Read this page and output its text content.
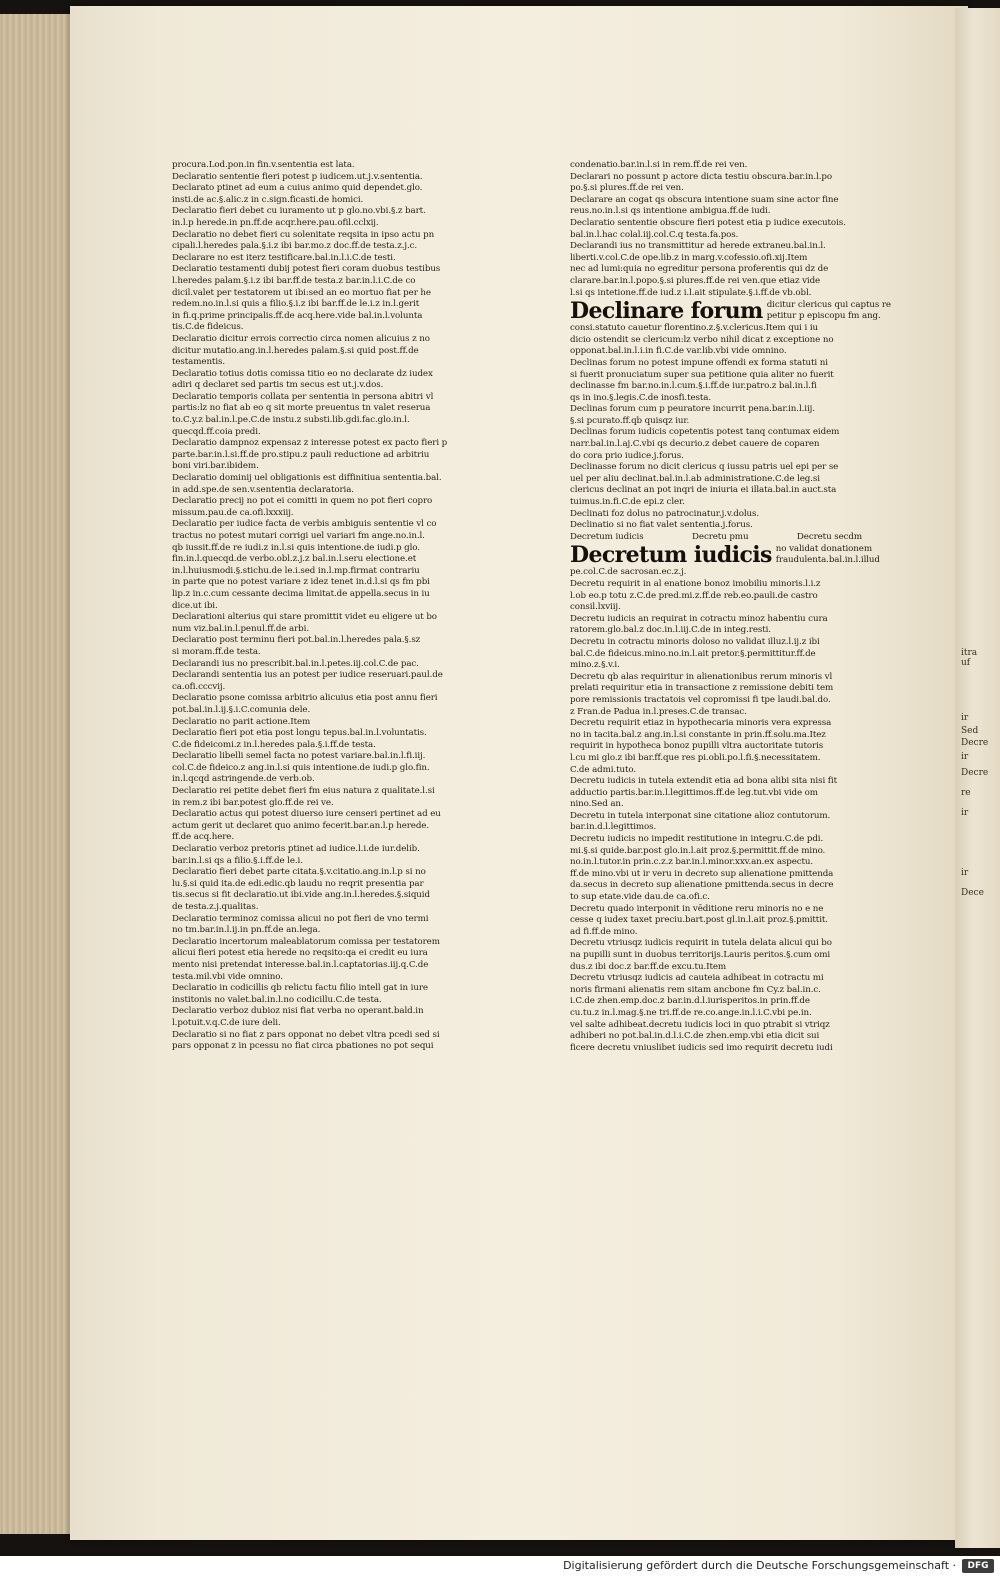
itra
uf
ir
Sed
Decre
ir
Decre
re
ir
ir
Dece
procura.Lod.pon.in fin.v.sententia est lata.
Declaratio sententie fieri potest p iudicem.ut.j.v.sententia.
Declarato ptinet ad eum a cuius animo quid dependet.glo.
insti.de ac.§.alic.z in c.sign.ficasti.de homici.
Declaratio fieri debet cu iuramento ut p glo.no.vbi.§.z bart.
in.l.p herede.in pn.ff.de acqr.here.pau.ofil.cclxij.
Declaratio no debet fieri cu solenitate reqsita in ipso actu pn
cipali.l.heredes pala.§.i.z ibi bar.mo.z doc.ff.de testa.z.j.c.
Declarare no est iterz testificare.bal.in.l.i.C.de testi.
Declaratio testamenti dubij potest fieri coram duobus testibus
l.heredes palam.§.i.z ibi bar.ff.de testa.z bar.in.l.i.C.de co
dicil.valet per testatorem ut ibi:sed an eo mortuo fiat per he
redem.no.in.l.si quis a filio.§.i.z ibi bar.ff.de le.i.z in.l.gerit
in fi.q.prime principalis.ff.de acq.here.vide bal.in.l.volunta
tis.C.de fideicus.
Declaratio dicitur errois correctio circa nomen alicuius z no
dicitur mutatio.ang.in.l.heredes palam.§.si quid post.ff.de
testamentis.
Declaratio totius dotis comissa titio eo no declarate dz iudex
adiri q declaret sed partis tm secus est ut.j.v.dos.
Declaratio temporis collata per sententia in persona abitri vl
partis:lz no fiat ab eo q sit morte preuentus tn valet reserua
to.C.y.z bal.in.l.pe.C.de instu.z substi.lib.gdi.fac.glo.in.l.
quecqd.ff.coia predi.
Declaratio dampnoz expensaz z interesse potest ex pacto fieri p
parte.bar.in.l.si.ff.de pro.stipu.z pauli reductione ad arbitriu
boni viri.bar.ibidem.
Declaratio dominij uel obligationis est diffinitiua sententia.bal.
in add.spe.de sen.v.sententia declaratoria.
Declaratio precij no pot ei comitti in quem no pot fieri copro
missum.pau.de ca.ofi.lxxxiij.
Declaratio per iudice facta de verbis ambiguis sententie vl co
tractus no potest mutari corrigi uel variari fm ange.no.in.l.
qb iussit.ff.de re iudi.z in.l.si quis intentione.de iudi.p glo.
fin.in.l.quecqd.de verbo.obl.z.j.z bal.in.l.seru electione.et
in.l.huiusmodi.§.stichu.de le.i.sed in.l.mp.firmat contrariu
in parte que no potest variare z idez tenet in.d.l.si qs fm pbi
lip.z in.c.cum cessante decima limitat.de appella.secus in iu
dice.ut ibi.
Declarationi alterius qui stare promittit videt eu eligere ut bo
num viz.bal.in.l.penul.ff.de arbi.
Declaratio post terminu fieri pot.bal.in.l.heredes pala.§.sz
si moram.ff.de testa.
Declarandi ius no prescribit.bal.in.l.petes.iij.col.C.de pac.
Declarandi sententia ius an potest per iudice reseruari.paul.de
ca.ofi.cccvij.
Declaratio psone comissa arbitrio alicuius etia post annu fieri
pot.bal.in.l.ij.§.i.C.comunia dele.
Declaratio no parit actione.Item
Declaratio fieri pot etia post longu tepus.bal.in.l.voluntatis.
C.de fideicomi.z in.l.heredes pala.§.i.ff.de testa.
Declaratio libelli semel facta no potest variare.bal.in.l.fi.iij.
col.C.de fideico.z ang.in.l.si quis intentione.de iudi.p glo.fin.
in.l.qcqd astringende.de verb.ob.
Declaratio rei petite debet fieri fm eius natura z qualitate.l.si
in rem.z ibi bar.potest glo.ff.de rei ve.
Declaratio actus qui potest diuerso iure censeri pertinet ad eu
actum gerit ut declaret quo animo fecerit.bar.an.l.p herede.
ff.de acq.here.
Declaratio verboz pretoris ptinet ad iudice.l.i.de iur.delib.
bar.in.l.si qs a filio.§.i.ff.de le.i.
Declaratio fieri debet parte citata.§.v.citatio.ang.in.l.p si no
lu.§.si quid ita.de edi.edic.qb laudu no reqrit presentia par
tis.secus si fit declaratio.ut ibi.vide ang.in.l.heredes.§.siquid
de testa.z.j.qualitas.
Declaratio terminoz comissa alicui no pot fieri de vno termi
no tm.bar.in.l.ij.in pn.ff.de an.lega.
Declaratio incertorum maleablatorum comissa per testatorem
alicui fieri potest etia herede no reqsito:qa ei credit eu iura
mento nisi pretendat interesse.bal.in.l.captatorias.iij.q.C.de
testa.mil.vbi vide omnino.
Declaratio in codicillis qb relictu factu filio intell gat in iure
institonis no valet.bal.in.l.no codicillu.C.de testa.
Declaratio verboz dubioz nisi fiat verba no operant.bald.in
l.potuit.v.q.C.de iure deli.
Declaratio si no fiat z pars opponat no debet vltra pcedi sed si
pars opponat z in pcessu no fiat circa pbationes no pot sequi
condenatio.bar.in.l.si in rem.ff.de rei ven.
Declarari no possunt p actore dicta testiu obscura.bar.in.l.po
po.§.si plures.ff.de rei ven.
Declarare an cogat qs obscura intentione suam sine actor fine
reus.no.in.l.si qs intentione ambigua.ff.de iudi.
Declaratio sententie obscure fieri potest etia p iudice executois.
bal.in.l.hac colal.iij.col.C.q testa.fa.pos.
Declarandi ius no transmittitur ad herede extraneu.bal.in.l.
liberti.v.col.C.de ope.lib.z in marg.v.cofessio.ofi.xij.Item
nec ad lumi:quia no egreditur persona proferentis qui dz de
clarare.bar.in.l.popo.§.si plures.ff.de rei ven.que etiaz vide
l.si qs intetione.ff.de iud.z i.l.ait stipulate.§.i.ff.de vb.obl.
Declinare forum dicitur clericus qui captus re
petitur p episcopu fm ang.
consi.statuto cauetur florentino.z.§.v.clericus.Item qui i iu
dicio ostendit se clericum:lz verbo nihil dicat z exceptione no
opponat.bal.in.l.i.in fi.C.de var.lib.vbi vide omnino.
Declinas forum no potest impune offendi ex forma statuti ni
si fuerit pronuciatum super sua petitione quia aliter no fuerit
declinasse fm bar.no.in.l.cum.§.i.ff.de iur.patro.z bal.in.l.fi
qs in ino.§.legis.C.de inosfi.testa.
Declinas forum cum p peuratore incurrit pena.bar.in.l.iij.
§.si pcurato.ff.qb quisqz iur.
Declinas forum iudicis copetentis potest tanq contumax eidem
narr.bal.in.l.aj.C.vbi qs decurio.z debet cauere de coparen
do cora prio iudice.j.forus.
Declinasse forum no dicit clericus q iussu patris uel epi per se
uel per aliu declinat.bal.in.l.ab administratione.C.de leg.si
clericus declinat an pot inqri de iniuria ei illata.bal.in auct.sta
tuimus.in.fi.C.de epi.z cler.
Declinati foz dolus no patrocinatur.j.v.dolus.
Declinatio si no fiat valet sententia.j.forus.
Decretum iudicis	Decretu pmu	Decretu secdm
Decretum iudicis no validat donationem
fraudulenta.bal.in.l.illud
pe.col.C.de sacrosan.ec.z.j.
Decretu requirit in al enatione bonoz imobiliu minoris.l.i.z
l.ob eo.p totu z.C.de pred.mi.z.ff.de reb.eo.pauli.de castro
consil.lxviij.
Decretu iudicis an requirat in cotractu minoz habentiu cura
ratorem.glo.bal.z doc.in.l.iij.C.de in integ.resti.
Decretu in cotractu minoris doloso no validat illuz.l.ij.z ibi
bal.C.de fideicus.mino.no.in.l.ait pretor.§.permittitur.ff.de
mino.z.§.v.i.
Decretu qb alas requiritur in alienationibus rerum minoris vl
prelati requiritur etia in transactione z remissione debiti tem
pore remissionis tractatois vel copromissi fi tpe laudi.bal.do.
z Fran.de Padua in.l.preses.C.de transac.
Decretu requirit etiaz in hypothecaria minoris vera expressa
no in tacita.bal.z ang.in.l.si constante in prin.ff.solu.ma.Itez
requirit in hypotheca bonoz pupilli vltra auctoritate tutoris
l.cu mi glo.z ibi bar.ff.que res pi.obli.po.l.fi.§.necessitatem.
C.de admi.tuto.
Decretu iudicis in tutela extendit etia ad bona alibi sita nisi fit
adductio partis.bar.in.l.legittimos.ff.de leg.tut.vbi vide om
nino.Sed an.
Decretu in tutela interponat sine citatione alioz contutorum.
bar.in.d.l.legittimos.
Decretu iudicis no impedit restitutione in integru.C.de pdi.
mi.§.si quide.bar.post glo.in.l.ait proz.§.permittit.ff.de mino.
no.in.l.tutor.in prin.c.z.z bar.in.l.minor.xxv.an.ex aspectu.
ff.de mino.vbi ut ir veru in decreto sup alienatione pmittenda
da.secus in decreto sup alienatione pmittenda.secus in decre
to sup etate.vide dau.de ca.ofi.c.
Decretu quado interponit in vēditione reru minoris no e ne
cesse q iudex taxet preciu.bart.post gl.in.l.ait proz.§.pmittit.
ad fi.ff.de mino.
Decretu vtriusqz iudicis requirit in tutela delata alicui qui bo
na pupilli sunt in duobus territorijs.Lauris peritos.§.cum omi
dus.z ibi doc.z bar.ff.de excu.tu.Item
Decretu vtriusqz iudicis ad cauteia adhibeat in cotractu mi
noris firmani alienatis rem sitam ancbone fm Cy.z bal.in.c.
i.C.de zhen.emp.doc.z bar.in.d.l.iurisperitos.in prin.ff.de
cu.tu.z in.l.mag.§.ne tri.ff.de re.co.ange.in.l.i.C.vbi pe.in.
vel salte adhibeat.decretu iudicis loci in quo ptrabit si vtriqz
adhiberi no pot.bal.in.d.l.i.C.de zhen.emp.vbi etia dicit sui
ficere decretu vniuslibet iudicis sed imo requirit decretu iudi
Digitalisierung gefördert durch die Deutsche Forschungsgemeinschaft ·	DFG
